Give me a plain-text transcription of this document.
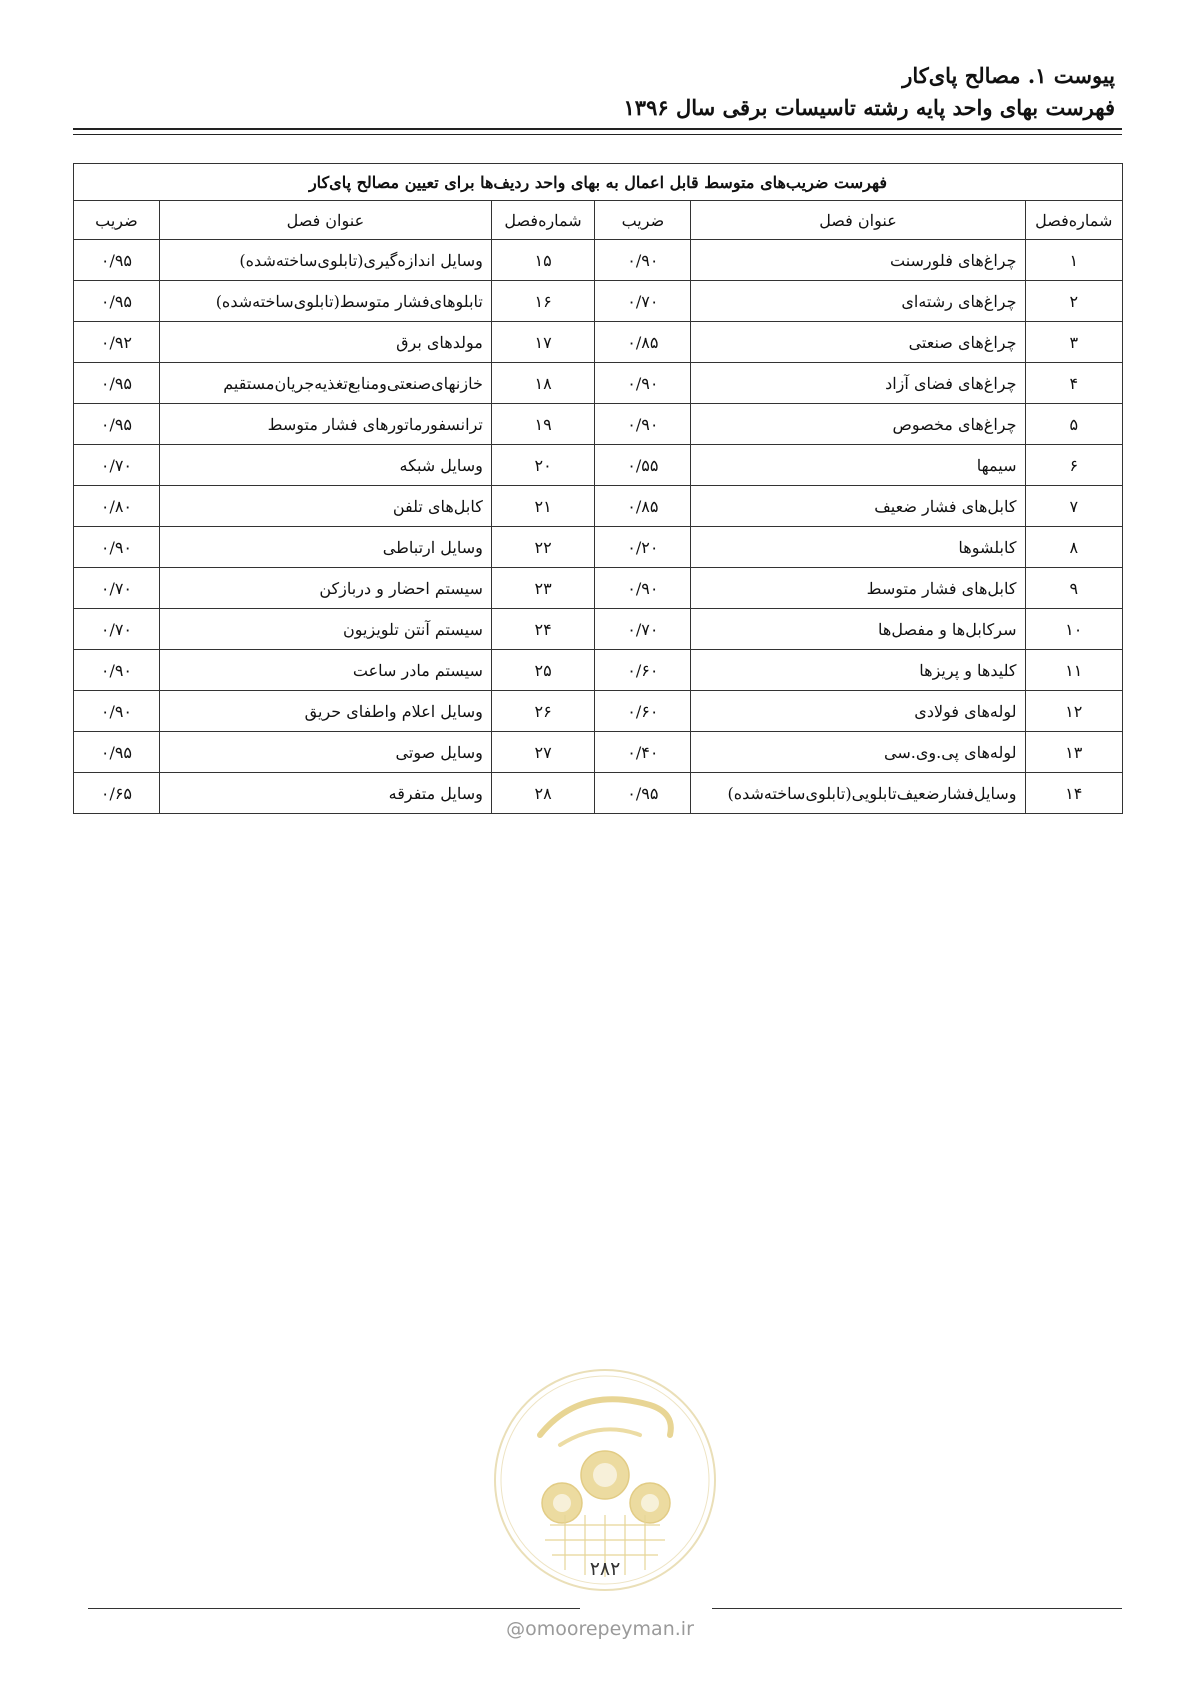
پیوست ۱. مصالح پای‌کار
فهرست بهای واحد پایه رشته تاسیسات برقی سال ۱۳۹۶
فهرست ضریب‌های متوسط قابل اعمال به بهای واحد ردیف‌ها برای تعیین مصالح پای‌کار					
شماره‌فصل	عنوان فصل	ضریب	شماره‌فصل	عنوان فصل	ضریب
۱	چراغ‌های فلورسنت	۰/۹۰	۱۵	وسایل اندازه‌گیری(تابلوی‌ساخته‌شده)	۰/۹۵
۲	چراغ‌های رشته‌ای	۰/۷۰	۱۶	تابلوهای‌فشار متوسط(تابلوی‌ساخته‌شده)	۰/۹۵
۳	چراغ‌های صنعتی	۰/۸۵	۱۷	مولدهای برق	۰/۹۲
۴	چراغ‌های فضای آزاد	۰/۹۰	۱۸	خازنهای‌صنعتی‌ومنابع‌تغذیه‌جریان‌مستقیم	۰/۹۵
۵	چراغ‌های مخصوص	۰/۹۰	۱۹	ترانسفورماتورهای فشار متوسط	۰/۹۵
۶	سیمها	۰/۵۵	۲۰	وسایل شبکه	۰/۷۰
۷	کابل‌های فشار ضعیف	۰/۸۵	۲۱	کابل‌های تلفن	۰/۸۰
۸	کابلشوها	۰/۲۰	۲۲	وسایل ارتباطی	۰/۹۰
۹	کابل‌های فشار متوسط	۰/۹۰	۲۳	سیستم احضار و دربازکن	۰/۷۰
۱۰	سرکابل‌ها و مفصل‌ها	۰/۷۰	۲۴	سیستم آنتن تلویزیون	۰/۷۰
۱۱	کلیدها و پریزها	۰/۶۰	۲۵	سیستم مادر ساعت	۰/۹۰
۱۲	لوله‌های فولادی	۰/۶۰	۲۶	وسایل اعلام واطفای حریق	۰/۹۰
۱۳	لوله‌های پی.وی.سی	۰/۴۰	۲۷	وسایل صوتی	۰/۹۵
۱۴	وسایل‌فشارضعیف‌تابلویی(تابلوی‌ساخته‌شده)	۰/۹۵	۲۸	وسایل متفرقه	۰/۶۵
۲۸۲
@omoorepeyman.ir
